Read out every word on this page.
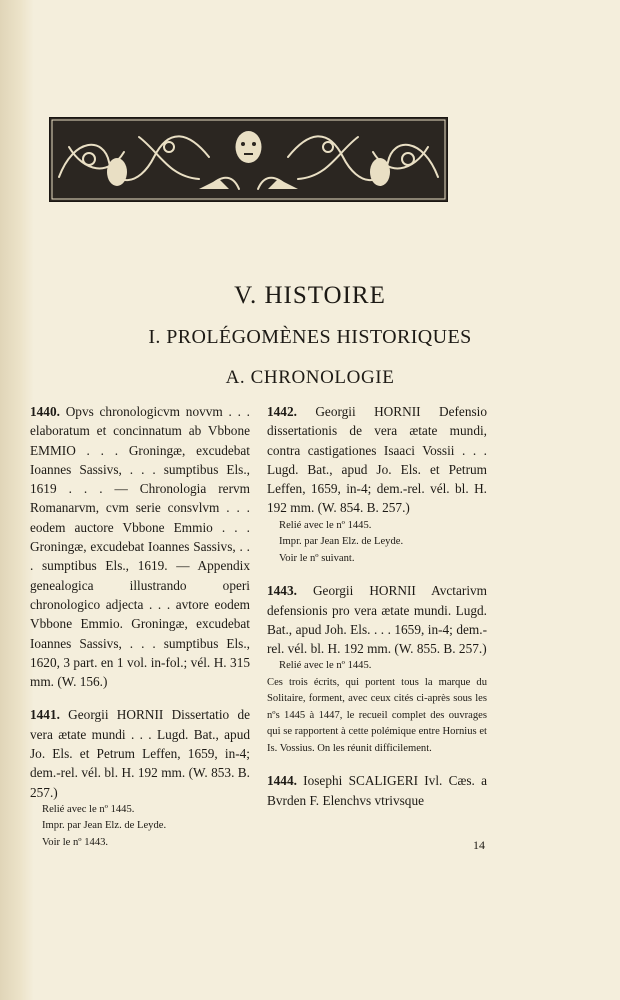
V. HISTOIRE
I. PROLÉGOMÈNES HISTORIQUES
A. CHRONOLOGIE

1440. Opvs chronologicvm novvm . . . elaboratum et concinnatum ab Vbbone EMMIO . . . Groningæ, excudebat Ioannes Sassivs, . . . sumptibus Els., 1619 . . . — Chronologia rervm Romanarvm, cvm serie consvlvm . . . eodem auctore Vbbone Emmio . . . Groningæ, excudebat Ioannes Sassivs, . . . sumptibus Els., 1619. — Appendix genealogica illustrando operi chronologico adjecta . . . avtore eodem Vbbone Emmio. Groningæ, excudebat Ioannes Sassivs, . . . sumptibus Els., 1620, 3 part. en 1 vol. in-fol.; vél. H. 315 mm. (W. 156.)

1441. Georgii HORNII Dissertatio de vera ætate mundi . . . Lugd. Bat., apud Jo. Els. et Petrum Leffen, 1659, in-4; dem.-rel. vél. bl. H. 192 mm. (W. 853. B. 257.)

Relié avec le nº 1445.

Impr. par Jean Elz. de Leyde.

Voir le nº 1443.

1442. Georgii HORNII Defensio dissertationis de vera ætate mundi, contra castigationes Isaaci Vossii . . . Lugd. Bat., apud Jo. Els. et Petrum Leffen, 1659, in-4; dem.-rel. vél. bl. H. 192 mm. (W. 854. B. 257.)

Relié avec le nº 1445.

Impr. par Jean Elz. de Leyde.

Voir le nº suivant.

1443. Georgii HORNII Avctarivm defensionis pro vera ætate mundi. Lugd. Bat., apud Joh. Els. . . . 1659, in-4; dem.-rel. vél. bl. H. 192 mm. (W. 855. B. 257.)

Relié avec le nº 1445.

Ces trois écrits, qui portent tous la marque du Solitaire, forment, avec ceux cités ci-après sous les nºs 1445 à 1447, le recueil complet des ouvrages qui se rapportent à cette polémique entre Hornius et Is. Vossius. On les réunit difficilement.

1444. Iosephi SCALIGERI Ivl. Cæs. a Bvrden F. Elenchvs vtrivsque

14
